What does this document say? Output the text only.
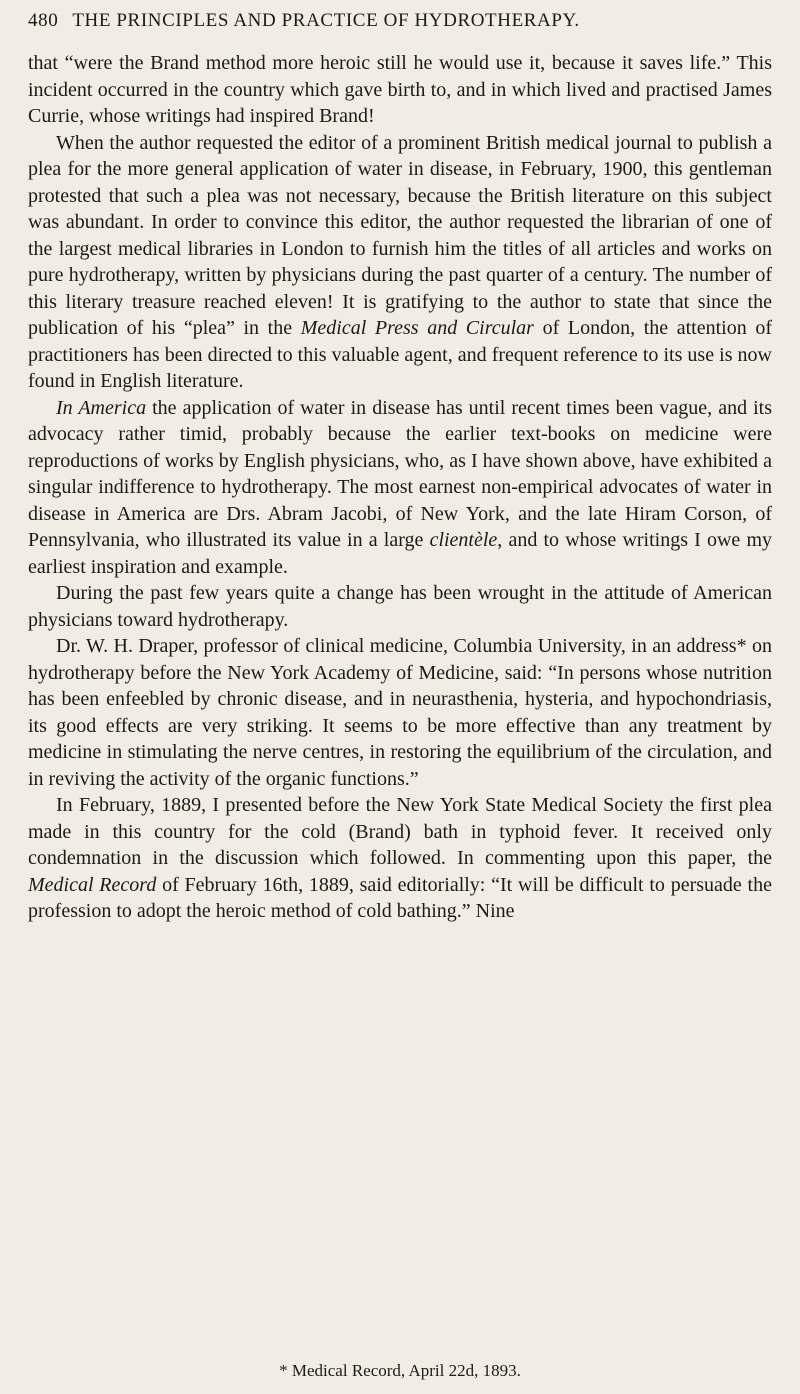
480 THE PRINCIPLES AND PRACTICE OF HYDROTHERAPY.

that “were the Brand method more heroic still he would use it, because it saves life.” This incident occurred in the country which gave birth to, and in which lived and practised James Currie, whose writings had inspired Brand!

When the author requested the editor of a prominent British medical journal to publish a plea for the more general application of water in disease, in February, 1900, this gentleman protested that such a plea was not necessary, because the British literature on this subject was abundant. In order to convince this editor, the author requested the librarian of one of the largest medical libraries in London to furnish him the titles of all articles and works on pure hydrotherapy, written by physicians during the past quarter of a century. The number of this literary treasure reached eleven! It is gratifying to the author to state that since the publication of his “plea” in the Medical Press and Circular of London, the attention of practitioners has been directed to this valuable agent, and frequent reference to its use is now found in English literature.

In America the application of water in disease has until recent times been vague, and its advocacy rather timid, probably because the earlier text-books on medicine were reproductions of works by English physicians, who, as I have shown above, have exhibited a singular indifference to hydrotherapy. The most earnest non-empirical advocates of water in disease in America are Drs. Abram Jacobi, of New York, and the late Hiram Corson, of Pennsylvania, who illustrated its value in a large clientèle, and to whose writings I owe my earliest inspiration and example.

During the past few years quite a change has been wrought in the attitude of American physicians toward hydrotherapy.

Dr. W. H. Draper, professor of clinical medicine, Columbia University, in an address* on hydrotherapy before the New York Academy of Medicine, said: “In persons whose nutrition has been enfeebled by chronic disease, and in neurasthenia, hysteria, and hypochondriasis, its good effects are very striking. It seems to be more effective than any treatment by medicine in stimulating the nerve centres, in restoring the equilibrium of the circulation, and in reviving the activity of the organic functions.”

In February, 1889, I presented before the New York State Medical Society the first plea made in this country for the cold (Brand) bath in typhoid fever. It received only condemnation in the discussion which followed. In commenting upon this paper, the Medical Record of February 16th, 1889, said editorially: “It will be difficult to persuade the profession to adopt the heroic method of cold bathing.” Nine

* Medical Record, April 22d, 1893.
